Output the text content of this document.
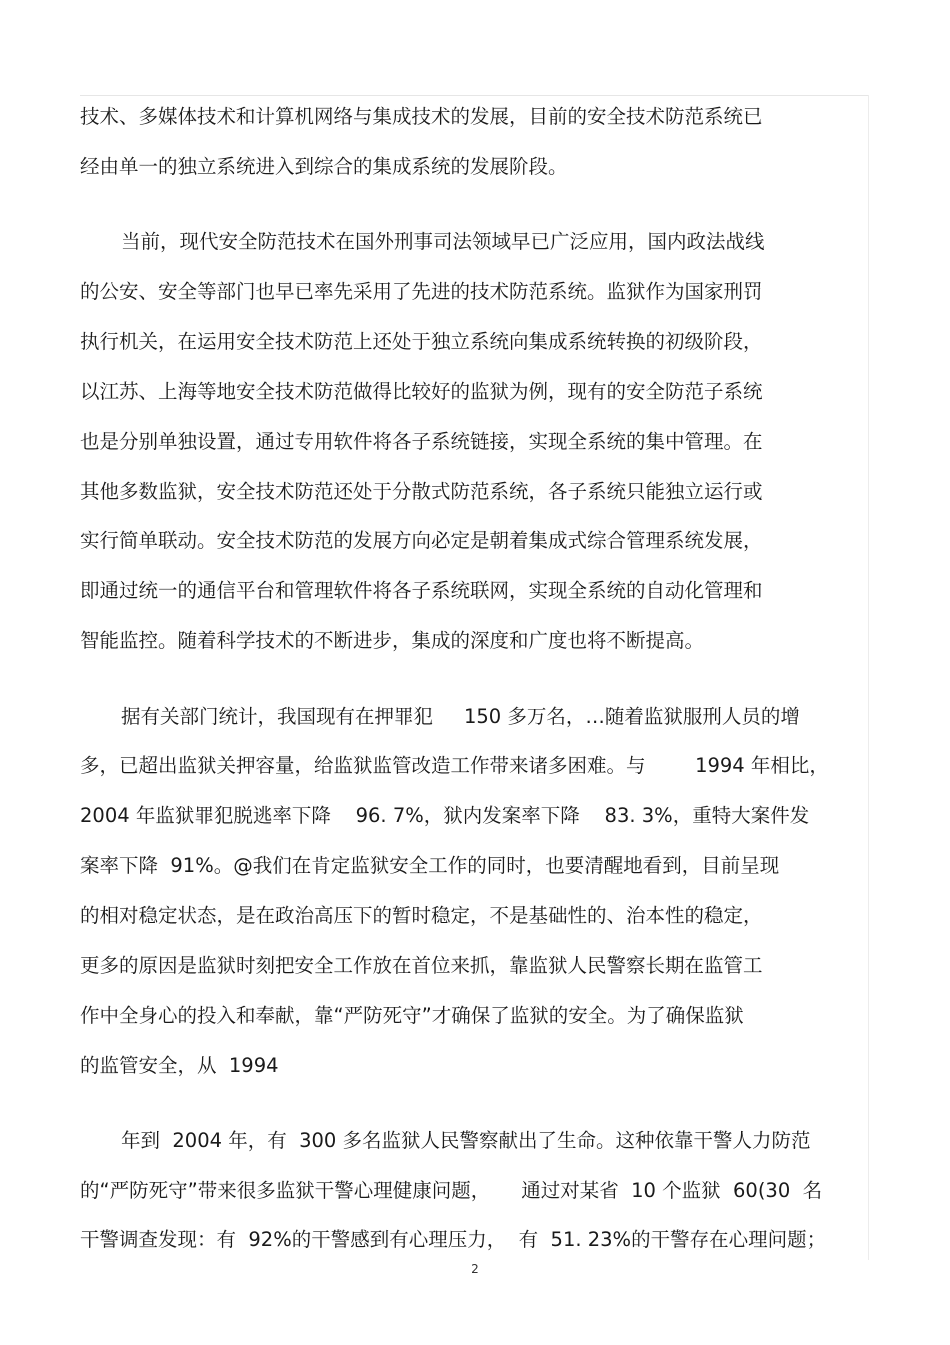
技术、多媒体技术和计算机网络与集成技术的发展，目前的安全技术防范系统已
经由单一的独立系统进入到综合的集成系统的发展阶段。
当前，现代安全防范技术在国外刑事司法领域早已广泛应用，国内政法战线
的公安、安全等部门也早已率先采用了先进的技术防范系统。监狱作为国家刑罚
执行机关，在运用安全技术防范上还处于独立系统向集成系统转换的初级阶段，
以江苏、上海等地安全技术防范做得比较好的监狱为例，现有的安全防范子系统
也是分别单独设置，通过专用软件将各子系统链接，实现全系统的集中管理。在
其他多数监狱，安全技术防范还处于分散式防范系统，各子系统只能独立运行或
实行简单联动。安全技术防范的发展方向必定是朝着集成式综合管理系统发展，
即通过统一的通信平台和管理软件将各子系统联网，实现全系统的自动化管理和
智能监控。随着科学技术的不断进步，集成的深度和广度也将不断提高。
据有关部门统计，我国现有在押罪犯     150 多万名，…随着监狱服刑人员的增
多，已超出监狱关押容量，给监狱监管改造工作带来诸多困难。与        1994 年相比，
2004 年监狱罪犯脱逃率下降    96. 7%，狱内发案率下降    83. 3%，重特大案件发
案率下降  91%。@我们在肯定监狱安全工作的同时，也要清醒地看到，目前呈现
的相对稳定状态，是在政治高压下的暂时稳定，不是基础性的、治本性的稳定，
更多的原因是监狱时刻把安全工作放在首位来抓，靠监狱人民警察长期在监管工
作中全身心的投入和奉献，靠“严防死守”才确保了监狱的安全。为了确保监狱
的监管安全，从  1994
年到  2004 年，有  300 多名监狱人民警察献出了生命。这种依靠干警人力防范
的“严防死守”带来很多监狱干警心理健康问题，     通过对某省  10 个监狱  60(30  名
干警调查发现：有  92%的干警感到有心理压力，  有  51. 23%的干警存在心理问题；
2
